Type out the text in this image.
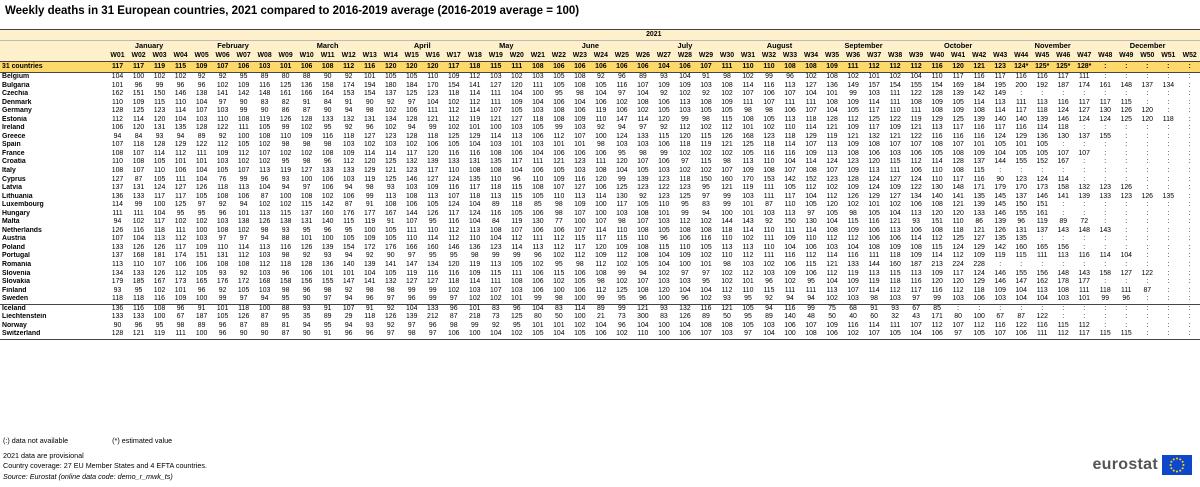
Weekly deaths in 31 European countries, 2021 compared to 2016-2019 average (2016-2019 average = 100)
	2021																																																			
	January				February				March					April				May				June				July					August				September				October					November				December				
	W01	W02	W03	W04	W05	W06	W07	W08	W09	W10	W11	W12	W13	W14	W15	W16	W17	W18	W19	W20	W21	W22	W23	W24	W25	W26	W27	W28	W29	W30	W31	W32	W33	W34	W35	W36	W37	W38	W39	W40	W41	W42	W43	W44	W45	W46	W47	W48	W49	W50	W51	W52
31 countries	117	117	119	115	109	107	106	103	101	106	108	112	116	120	120	120	117	118	115	111	108	106	106	106	106	106	104	106	107	111	110	110	108	108	109	111	112	112	112	116	120	121	123	124*	125*	125*	128*	:	:	:	:	:
Belgium	104	100	102	102	92	92	95	89	80	88	90	92	101	105	105	110	109	112	103	102	103	105	108	92	96	89	93	104	91	98	102	99	96	102	108	102	101	102	104	110	117	116	117	116	116	117	111	:	:	:	:	:
Bulgaria	101	96	99	96	96	102	109	116	125	136	158	174	194	180	184	170	154	141	127	120	111	105	108	105	116	107	109	109	103	108	114	116	113	127	136	149	157	154	155	154	169	184	195	200	192	187	174	161	148	137	134	:
Czechia	162	151	150	146	138	141	142	148	161	166	164	153	154	137	125	123	118	114	111	104	100	95	98	104	97	104	92	102	92	102	107	106	107	104	101	99	103	111	122	128	139	142	149	:	:	:	:	:	:	:	:	:
Denmark	110	109	115	110	104	97	90	83	82	91	84	91	90	92	97	104	102	112	111	109	104	106	104	106	102	108	106	113	108	109	111	107	111	111	108	109	114	111	108	109	105	114	113	111	113	116	117	117	115	:	:	:
Germany	128	125	123	114	107	103	99	90	86	87	90	94	98	102	106	111	112	114	107	105	103	108	106	119	106	102	105	103	105	105	98	98	106	107	104	105	117	110	111	108	109	108	114	117	118	124	127	130	126	120	:	:
Estonia	112	114	120	104	103	110	108	119	126	128	133	132	131	134	128	121	112	119	121	127	118	108	109	110	147	114	120	99	98	115	108	105	113	118	128	112	125	122	119	129	125	139	140	140	139	146	124	124	125	120	118	:
Ireland	106	120	131	135	128	122	111	105	99	102	95	92	96	102	94	99	102	101	100	103	105	99	103	92	94	97	92	112	102	112	101	102	110	114	121	109	117	109	121	113	117	116	117	116	114	118	:	:	:	:	:	:
Greece	94	84	93	94	89	92	100	108	110	109	116	118	127	123	128	118	125	129	114	113	106	112	107	100	124	133	115	120	115	126	168	123	118	129	119	121	132	121	122	116	116	116	124	129	136	130	137	155	:	:	:	:
Spain	107	118	128	129	122	112	105	102	98	98	98	103	102	103	102	106	105	104	103	101	103	101	101	98	103	103	106	118	119	121	125	118	114	107	113	109	108	107	107	108	107	101	105	101	105	:	:	:	:	:	:	:
France	108	107	114	112	111	109	112	107	102	102	108	109	114	114	117	120	116	116	108	106	104	106	106	106	95	98	99	102	102	102	105	116	116	109	113	108	106	103	106	105	108	109	104	105	105	107	107	:	:	:	:	:
Croatia	110	108	105	101	101	103	102	102	95	98	96	112	120	125	132	139	133	131	135	117	111	121	123	111	120	107	106	97	115	98	113	110	104	114	124	123	120	115	112	114	128	137	144	155	152	167	:	:	:	:	:	:
Italy	108	107	110	106	104	105	107	113	119	127	133	133	129	121	123	117	110	108	108	104	106	105	103	108	104	105	103	102	102	107	109	108	107	108	107	109	113	111	106	110	108	115	:	:	:	:	:	:	:	:	:	:
Cyprus	127	87	105	111	104	76	99	96	93	100	106	103	119	125	146	127	124	135	110	96	110	109	116	120	99	139	123	118	150	160	170	153	142	152	123	128	124	127	124	110	117	116	90	123	124	114	:	:	:	:	:	:
Latvia	137	131	124	127	126	118	113	104	94	97	106	94	98	93	103	109	116	117	118	115	108	107	127	106	125	123	122	123	95	121	119	111	105	112	102	109	124	109	122	130	148	171	179	170	173	158	132	123	126	:	:	:
Lithuania	136	133	117	117	105	108	106	87	100	108	102	106	99	113	108	113	107	118	113	115	105	110	113	114	130	92	123	125	97	99	103	111	117	104	112	126	129	127	134	140	141	135	145	137	146	141	139	133	123	126	135	:
Luxembourg	114	99	100	125	97	92	94	102	102	115	142	87	91	108	106	105	124	104	89	118	85	98	109	100	117	105	110	95	83	99	101	87	110	105	120	102	101	102	106	108	121	139	145	150	151	:	:	:	:	:	:	:
Hungary	111	111	104	95	95	96	101	113	115	137	160	176	177	167	144	126	117	124	116	105	106	98	107	100	103	108	101	99	94	100	101	103	113	97	105	98	105	104	113	120	120	133	146	155	161	:	:	:	:	:	:	:
Malta	94	102	117	102	102	103	138	126	138	131	140	115	119	91	107	95	116	104	84	119	130	77	100	107	98	107	103	112	102	144	143	92	150	130	104	115	116	121	93	151	110	86	139	96	119	89	72	:	:	:	:	:
Netherlands	126	116	118	111	100	108	102	98	93	95	96	95	100	105	111	110	112	113	108	107	106	106	107	114	110	108	105	108	108	118	114	110	111	114	108	109	106	113	106	108	118	121	126	131	137	143	148	143	:	:	:	:
Austria	107	104	113	112	103	97	97	94	88	101	100	105	109	105	110	114	112	110	104	112	111	112	115	117	115	110	96	106	116	110	102	111	109	110	112	112	106	106	114	112	125	127	135	135	:	:	:	:	:	:	:	:
Poland	133	126	126	117	109	110	114	113	116	126	139	154	172	176	166	160	146	136	123	114	113	112	117	120	109	108	115	110	105	113	113	110	104	106	103	104	108	109	108	115	124	129	142	160	165	156	:	:	:	:	:	:
Portugal	137	168	181	174	151	131	112	103	98	92	93	94	92	90	97	95	95	98	99	99	96	102	112	109	112	108	104	109	102	110	112	111	116	112	114	116	111	118	109	114	112	109	119	115	111	113	116	114	104	:	:	:
Romania	113	110	107	106	106	108	108	112	118	128	136	140	139	141	147	134	120	119	113	105	102	95	98	112	102	105	104	100	101	98	103	102	106	115	121	133	144	160	187	213	224	228	:	:	:	:	:	:	:	:	:	:
Slovenia	134	133	126	112	105	93	92	103	96	106	101	101	104	105	119	116	116	109	115	111	106	115	106	108	99	94	102	97	97	102	112	103	109	106	112	119	113	115	113	109	117	124	146	155	156	148	143	158	127	122	:	:
Slovakia	179	185	167	173	165	176	172	168	158	156	155	147	141	132	127	127	118	114	111	108	106	102	105	98	102	107	103	103	95	102	101	96	102	95	104	109	119	118	116	120	120	129	146	147	162	178	177	:	:	:	:	:
Finland	93	95	102	101	96	92	105	103	98	96	98	92	98	98	99	99	102	103	107	103	106	100	106	112	125	108	120	104	104	112	110	115	111	111	113	107	114	112	117	116	112	118	109	104	113	108	111	118	111	87	:	:
Sweden	118	118	116	109	100	99	97	94	95	90	97	94	96	97	96	99	97	102	102	101	99	98	100	99	95	96	100	96	102	93	95	92	94	94	102	103	98	103	97	99	103	106	103	104	104	103	101	99	96	:	:	:
Iceland	136	116	108	96	91	101	118	100	88	93	91	107	91	92	104	133	96	101	83	96	104	83	114	89	99	121	93	132	116	121	105	94	116	99	75	68	91	93	67	85	:	:	:	:	:	:	:	:	:	:	:	:
Liechtenstein	133	133	100	67	187	105	126	87	95	35	89	29	118	126	139	212	87	218	73	125	80	50	100	21	73	300	83	126	89	50	95	89	140	48	50	40	60	32	43	171	80	100	67	87	122	:	:	:	:	:	:	:
Norway	90	96	95	98	89	96	87	89	81	94	95	94	93	92	97	96	98	99	92	95	101	101	102	104	96	104	100	104	108	108	105	103	106	107	109	116	114	111	107	112	107	112	116	122	116	115	112	:	:	:	:	:
Switzerland	128	121	119	111	100	96	90	90	87	90	91	96	96	97	98	97	106	100	104	102	105	104	105	106	102	110	100	106	107	103	97	104	100	108	106	102	107	105	104	106	97	105	107	106	111	112	117	115	115	:	:	:
(:) data not available	(*) estimated value
2021 data are provisional
Country coverage: 27 EU Member States and 4 EFTA countries.
Source: Eurostat (online data code: demo_r_mwk_ts)
eurostat
